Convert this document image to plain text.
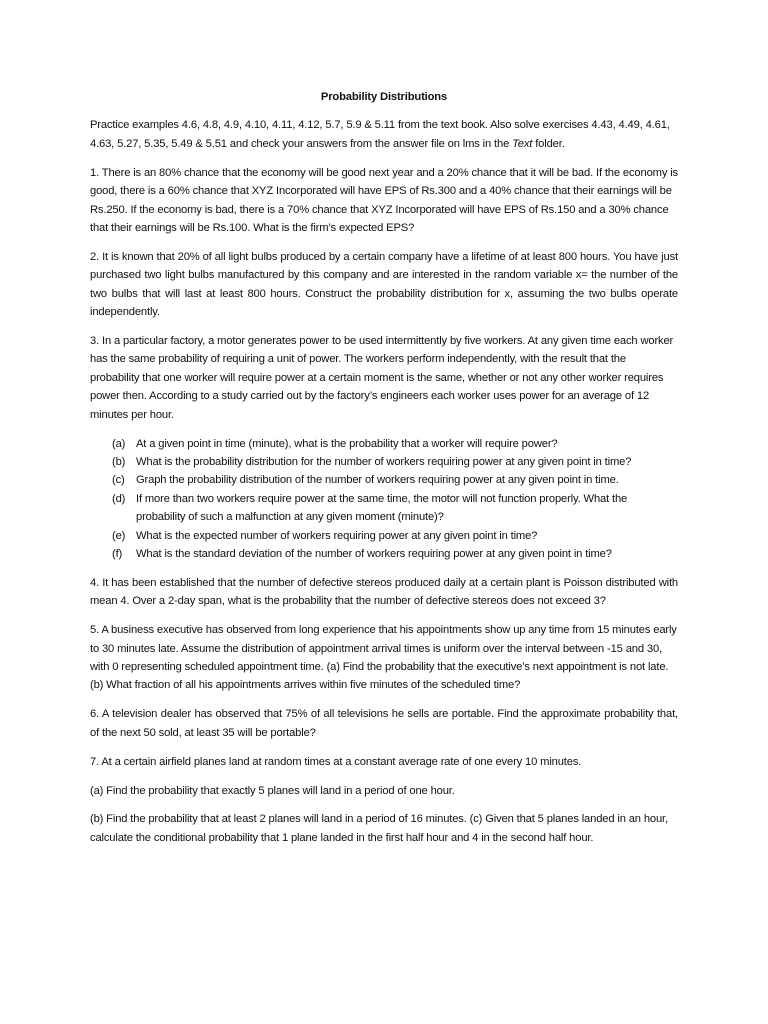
Probability Distributions

Practice examples 4.6, 4.8, 4.9, 4.10, 4.11, 4.12, 5.7, 5.9 & 5.11 from the text book. Also solve exercises 4.43, 4.49, 4.61, 4.63, 5.27, 5.35, 5.49 & 5.51 and check your answers from the answer file on lms in the Text folder.

1. There is an 80% chance that the economy will be good next year and a 20% chance that it will be bad. If the economy is good, there is a 60% chance that XYZ Incorporated will have EPS of Rs.300 and a 40% chance that their earnings will be Rs.250. If the economy is bad, there is a 70% chance that XYZ Incorporated will have EPS of Rs.150 and a 30% chance that their earnings will be Rs.100. What is the firm’s expected EPS?

2. It is known that 20% of all light bulbs produced by a certain company have a lifetime of at least 800 hours. You have just purchased two light bulbs manufactured by this company and are interested in the random variable x= the number of the two bulbs that will last at least 800 hours. Construct the probability distribution for x, assuming the two bulbs operate independently.

3. In a particular factory, a motor generates power to be used intermittently by five workers. At any given time each worker has the same probability of requiring a unit of power. The workers perform independently, with the result that the probability that one worker will require power at a certain moment is the same, whether or not any other worker requires power then. According to a study carried out by the factory’s engineers each worker uses power for an average of 12 minutes per hour.

(a) At a given point in time (minute), what is the probability that a worker will require power?
(b) What is the probability distribution for the number of workers requiring power at any given point in time?
(c) Graph the probability distribution of the number of workers requiring power at any given point in time.
(d) If more than two workers require power at the same time, the motor will not function properly. What the probability of such a malfunction at any given moment (minute)?
(e) What is the expected number of workers requiring power at any given point in time?
(f) What is the standard deviation of the number of workers requiring power at any given point in time?

4. It has been established that the number of defective stereos produced daily at a certain plant is Poisson distributed with mean 4. Over a 2-day span, what is the probability that the number of defective stereos does not exceed 3?

5. A business executive has observed from long experience that his appointments show up any time from 15 minutes early to 30 minutes late. Assume the distribution of appointment arrival times is uniform over the interval between -15 and 30, with 0 representing scheduled appointment time. (a) Find the probability that the executive’s next appointment is not late. (b) What fraction of all his appointments arrives within five minutes of the scheduled time?

6. A television dealer has observed that 75% of all televisions he sells are portable. Find the approximate probability that, of the next 50 sold, at least 35 will be portable?

7. At a certain airfield planes land at random times at a constant average rate of one every 10 minutes.

(a) Find the probability that exactly 5 planes will land in a period of one hour.

(b) Find the probability that at least 2 planes will land in a period of 16 minutes. (c) Given that 5 planes landed in an hour, calculate the conditional probability that 1 plane landed in the first half hour and 4 in the second half hour.
